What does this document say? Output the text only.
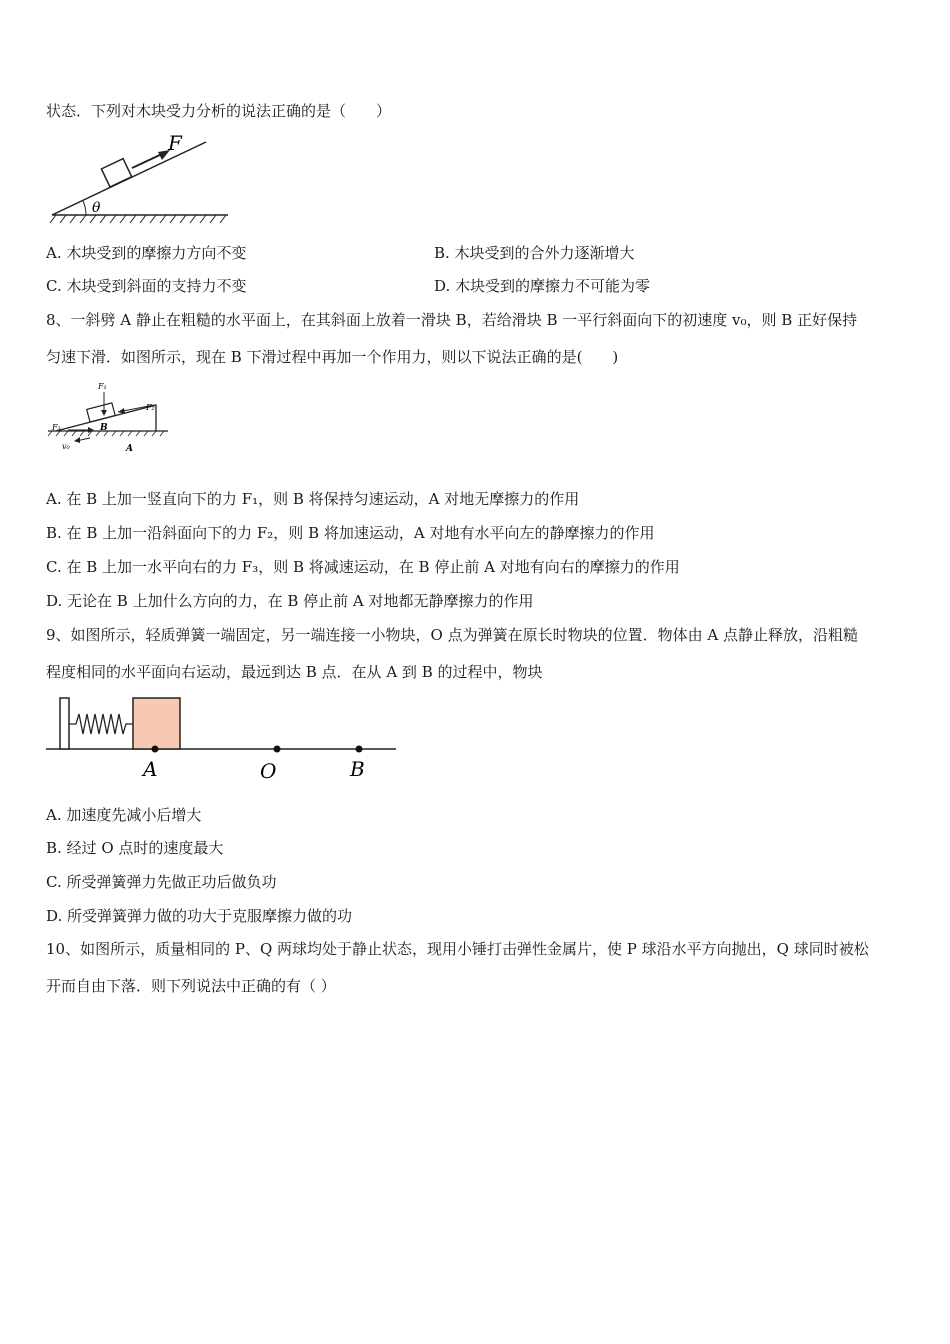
状态．下列对木块受力分析的说法正确的是（　　）
F
θ
A. 木块受到的摩擦力方向不变	B. 木块受到的合外力逐渐增大
C. 木块受到斜面的支持力不变	D. 木块受到的摩擦力不可能为零
8、一斜劈 A 静止在粗糙的水平面上，在其斜面上放着一滑块 B，若给滑块 B 一平行斜面向下的初速度 v₀，则 B 正好保持
匀速下滑．如图所示，现在 B 下滑过程中再加一个作用力，则以下说法正确的是(　　)
B
A
F₁
F₂
F₃
v₀
A. 在 B 上加一竖直向下的力 F₁，则 B 将保持匀速运动，A 对地无摩擦力的作用
B. 在 B 上加一沿斜面向下的力 F₂，则 B 将加速运动，A 对地有水平向左的静摩擦力的作用
C. 在 B 上加一水平向右的力 F₃，则 B 将减速运动，在 B 停止前 A 对地有向右的摩擦力的作用
D. 无论在 B 上加什么方向的力，在 B 停止前 A 对地都无静摩擦力的作用
9、如图所示，轻质弹簧一端固定，另一端连接一小物块，O 点为弹簧在原长时物块的位置．物体由 A 点静止释放，沿粗糙
程度相同的水平面向右运动，最远到达 B 点．在从 A 到 B 的过程中，物块
A	O	B
A. 加速度先减小后增大
B. 经过 O 点时的速度最大
C. 所受弹簧弹力先做正功后做负功
D. 所受弹簧弹力做的功大于克服摩擦力做的功
10、如图所示，质量相同的 P、Q 两球均处于静止状态，现用小锤打击弹性金属片，使 P 球沿水平方向抛出，Q 球同时被松
开而自由下落．则下列说法中正确的有（ ）
